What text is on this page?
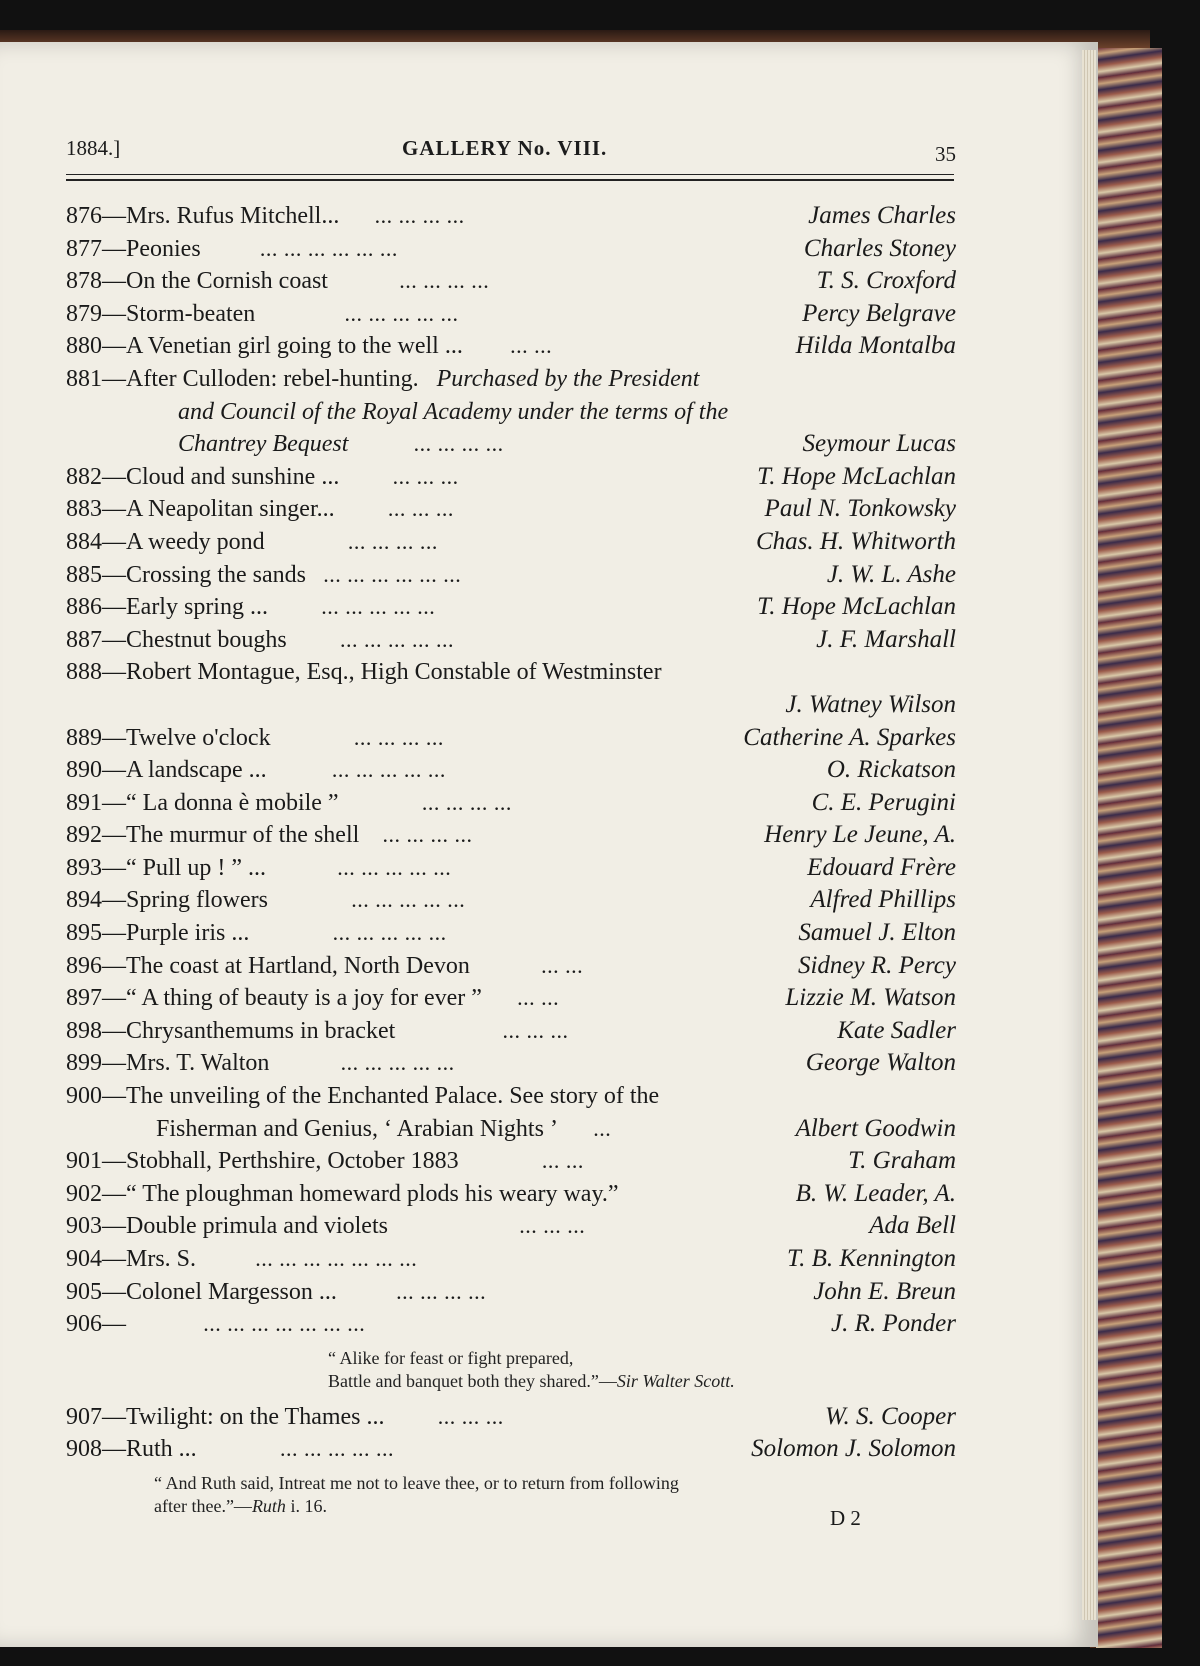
1884.]	GALLERY No. VIII.	35
876—Mrs. Rufus Mitchell... ... ... ... ...	James Charles
877—Peonies	... ... ... ... ... ...	Charles Stoney
878—On the Cornish coast	... ... ... ...	T. S. Croxford
879—Storm-beaten	... ... ... ... ...	Percy Belgrave
880—A Venetian girl going to the well ...	... ...	Hilda Montalba
881—After Culloden: rebel-hunting. Purchased by the President
and Council of the Royal Academy under the terms of the
Chantrey Bequest	... ... ... ...	Seymour Lucas
882—Cloud and sunshine ...	... ... ...	T. Hope McLachlan
883—A Neapolitan singer...	... ... ...	Paul N. Tonkowsky
884—A weedy pond	... ... ... ...	Chas. H. Whitworth
885—Crossing the sands ... ... ... ... ... ...	J. W. L. Ashe
886—Early spring ...	... ... ... ... ...	T. Hope McLachlan
887—Chestnut boughs	... ... ... ... ...	J. F. Marshall
888—Robert Montague, Esq., High Constable of Westminster
J. Watney Wilson
889—Twelve o'clock	... ... ... ...	Catherine A. Sparkes
890—A landscape ...	... ... ... ... ...	O. Rickatson
891—“ La donna è mobile ”	... ... ... ...	C. E. Perugini
892—The murmur of the shell ... ... ... ...	Henry Le Jeune, A.
893—“ Pull up ! ” ...	... ... ... ... ...	Edouard Frère
894—Spring flowers	... ... ... ... ...	Alfred Phillips
895—Purple iris ...	... ... ... ... ...	Samuel J. Elton
896—The coast at Hartland, North Devon	... ...	Sidney R. Percy
897—“ A thing of beauty is a joy for ever ” ... ...	Lizzie M. Watson
898—Chrysanthemums in bracket	... ... ...	Kate Sadler
899—Mrs. T. Walton	... ... ... ... ...	George Walton
900—The unveiling of the Enchanted Palace. See story of the
Fisherman and Genius, ‘ Arabian Nights ’ ...	Albert Goodwin
901—Stobhall, Perthshire, October 1883	... ...	T. Graham
902—“ The ploughman homeward plods his weary way.”	B. W. Leader, A.
903—Double primula and violets	... ... ...	Ada Bell
904—Mrs. S.	... ... ... ... ... ... ...	T. B. Kennington
905—Colonel Margesson ...	... ... ... ...	John E. Breun
906—	... ... ... ... ... ... ...	J. R. Ponder
“ Alike for feast or fight prepared,
Battle and banquet both they shared.”—Sir Walter Scott.
907—Twilight: on the Thames ...	... ... ...	W. S. Cooper
908—Ruth ...	... ... ... ... ...	Solomon J. Solomon
“ And Ruth said, Intreat me not to leave thee, or to return from following
after thee.”—Ruth i. 16.
D 2
